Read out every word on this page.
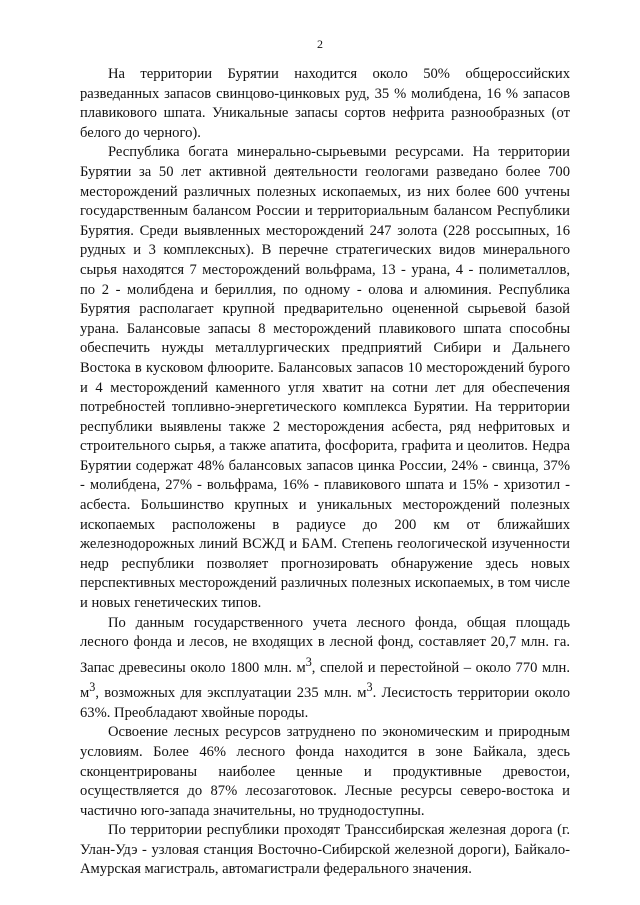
2

На территории Бурятии находится около 50% общероссийских разведанных запасов свинцово-цинковых руд, 35 % молибдена, 16 % запасов плавикового шпата. Уникальные запасы сортов нефрита разнообразных (от белого до черного).

Республика богата минерально-сырьевыми ресурсами. На территории Бурятии за 50 лет активной деятельности геологами разведано более 700 месторождений различных полезных ископаемых, из них более 600 учтены государственным балансом России и территориальным балансом Республики Бурятия. Среди выявленных месторождений 247 золота (228 россыпных, 16 рудных и 3 комплексных). В перечне стратегических видов минерального сырья находятся 7 месторождений вольфрама, 13 - урана, 4 - полиметаллов, по 2 - молибдена и бериллия, по одному - олова и алюминия. Республика Бурятия располагает крупной предварительно оцененной сырьевой базой урана. Балансовые запасы 8 месторождений плавикового шпата способны обеспечить нужды металлургических предприятий Сибири и Дальнего Востока в кусковом флюорите. Балансовых запасов 10 месторождений бурого и 4 месторождений каменного угля хватит на сотни лет для обеспечения потребностей топливно-энергетического комплекса Бурятии. На территории республики выявлены также 2 месторождения асбеста, ряд нефритовых и строительного сырья, а также апатита, фосфорита, графита и цеолитов. Недра Бурятии содержат 48% балансовых запасов цинка России, 24% - свинца, 37% - молибдена, 27% - вольфрама, 16% - плавикового шпата и 15% - хризотил - асбеста. Большинство крупных и уникальных месторождений полезных ископаемых расположены в радиусе до 200 км от ближайших железнодорожных линий ВСЖД и БАМ. Степень геологической изученности недр республики позволяет прогнозировать обнаружение здесь новых перспективных месторождений различных полезных ископаемых, в том числе и новых генетических типов.

По данным государственного учета лесного фонда, общая площадь лесного фонда и лесов, не входящих в лесной фонд, составляет 20,7 млн. га. Запас древесины около 1800 млн. $м^3$, спелой и перестойной – около 770 млн. $м^3$, возможных для эксплуатации 235 млн. $м^3$. Лесистость территории около 63%. Преобладают хвойные породы.

Освоение лесных ресурсов затруднено по экономическим и природным условиям. Более 46% лесного фонда находится в зоне Байкала, здесь сконцентрированы наиболее ценные и продуктивные древостои, осуществляется до 87% лесозаготовок. Лесные ресурсы северо-востока и частично юго-запада значительны, но труднодоступны.

По территории республики проходят Транссибирская железная дорога (г. Улан-Удэ - узловая станция Восточно-Сибирской железной дороги), Байкало-Амурская магистраль, автомагистрали федерального значения.
